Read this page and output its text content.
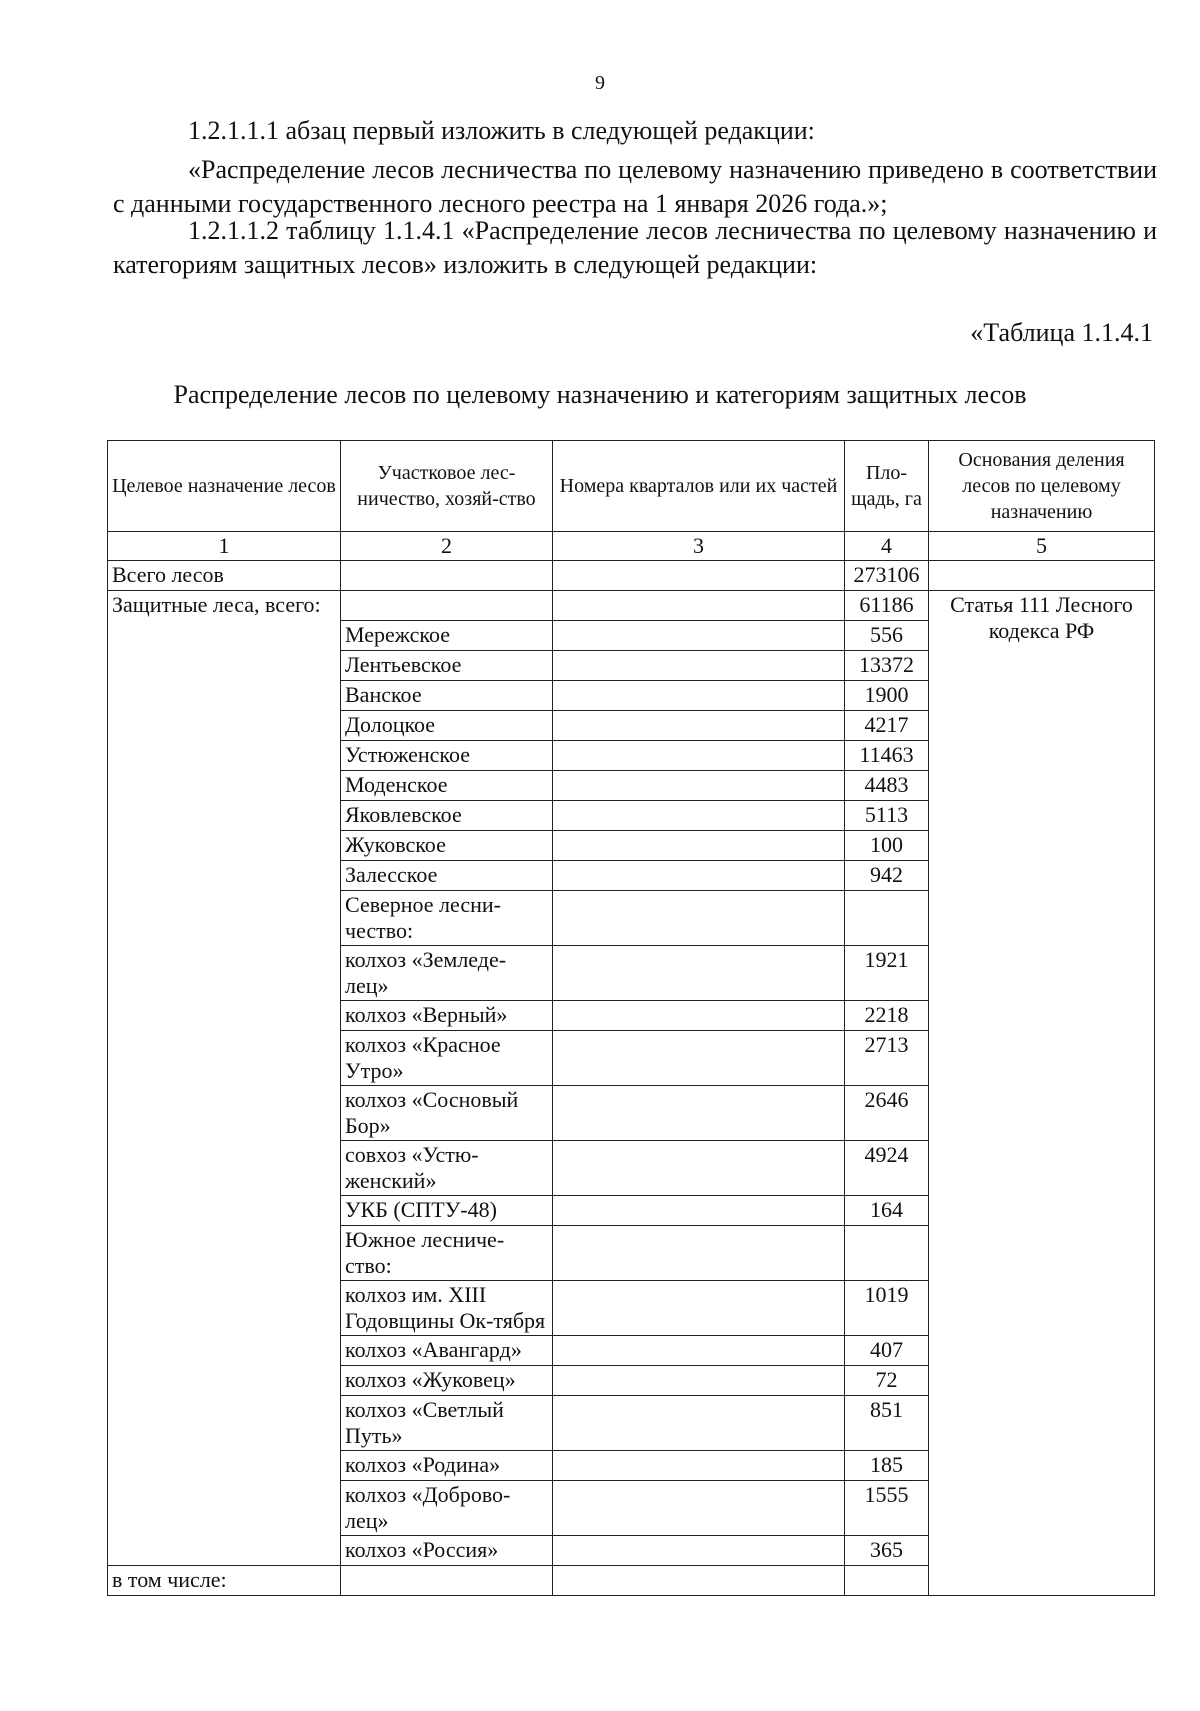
9
1.2.1.1.1 абзац первый изложить в следующей редакции:
«Распределение лесов лесничества по целевому назначению приведено в соответствии с данными государственного лесного реестра на 1 января 2026 года.»;
1.2.1.1.2 таблицу 1.1.4.1 «Распределение лесов лесничества по целевому назначению и категориям защитных лесов» изложить в следующей редакции:
«Таблица 1.1.4.1
Распределение лесов по целевому назначению и категориям защитных лесов
Целевое назначение лесов	Участковое лес-ничество, хозяй-ство	Номера кварталов или их частей	Пло-щадь, га	Основания деления лесов по целевому назначению	
1	2	3	4	5	
Всего лесов			273106		
Защитные леса, всего:			61186	Статья 111 Лесного кодекса РФ	
	Мережское		556		
	Лентьевское		13372		
	Ванское		1900		
	Долоцкое		4217		
	Устюженское		11463		
	Моденское		4483		
	Яковлевское		5113		
	Жуковское		100		
	Залесское		942		
	Северное лесни-чество:				
	колхоз «Земледе-лец»		1921		
	колхоз «Верный»		2218		
	колхоз «Красное Утро»		2713		
	колхоз «Сосновый Бор»		2646		
	совхоз «Устю-женский»		4924		
	УКБ (СПТУ-48)		164		
	Южное лесниче-ство:				
	колхоз им. XIII Годовщины Ок-тября		1019		
	колхоз «Авангард»		407		
	колхоз «Жуковец»		72		
	колхоз «Светлый Путь»		851		
	колхоз «Родина»		185		
	колхоз «Доброво-лец»		1555		
	колхоз «Россия»		365		
в том числе:					
